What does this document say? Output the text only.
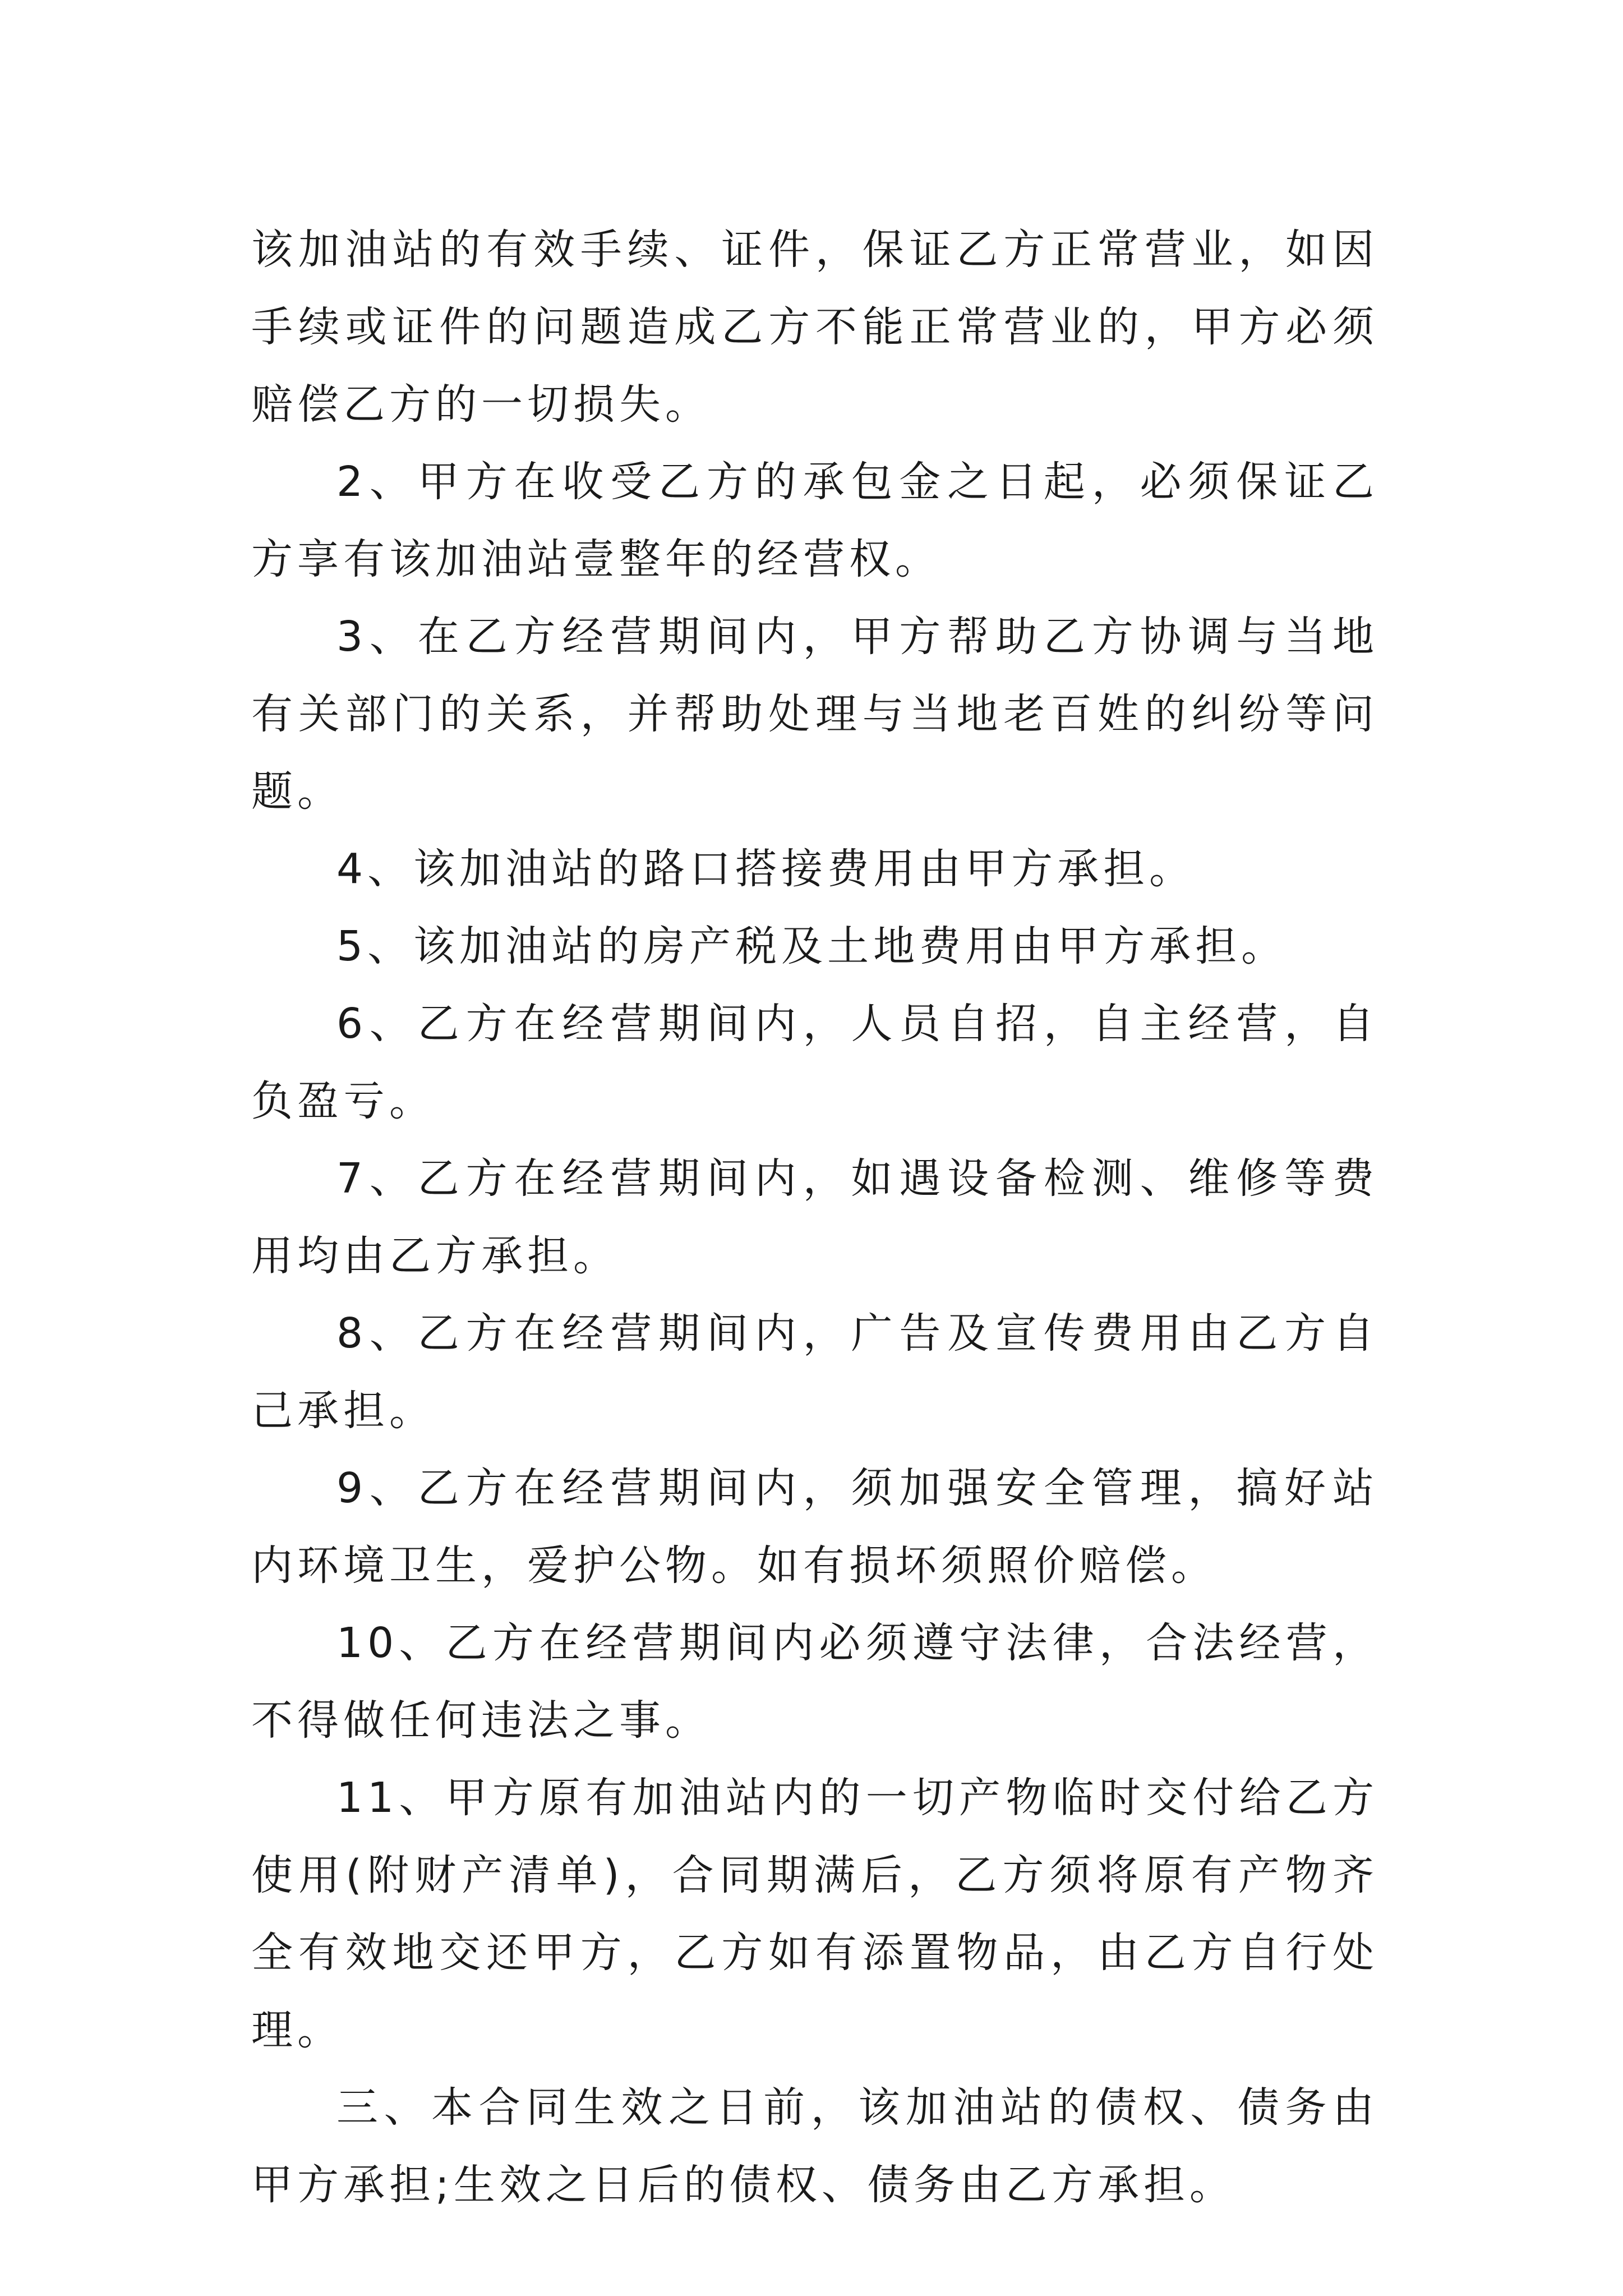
该加油站的有效手续、证件，保证乙方正常营业，如因手续或证件的问题造成乙方不能正常营业的，甲方必须赔偿乙方的一切损失。

2、甲方在收受乙方的承包金之日起，必须保证乙方享有该加油站壹整年的经营权。

3、在乙方经营期间内，甲方帮助乙方协调与当地有关部门的关系，并帮助处理与当地老百姓的纠纷等问题。

4、该加油站的路口搭接费用由甲方承担。

5、该加油站的房产税及土地费用由甲方承担。

6、乙方在经营期间内，人员自招，自主经营，自负盈亏。

7、乙方在经营期间内，如遇设备检测、维修等费用均由乙方承担。

8、乙方在经营期间内，广告及宣传费用由乙方自己承担。

9、乙方在经营期间内，须加强安全管理，搞好站内环境卫生，爱护公物。如有损坏须照价赔偿。

10、乙方在经营期间内必须遵守法律，合法经营，不得做任何违法之事。

11、甲方原有加油站内的一切产物临时交付给乙方使用(附财产清单)，合同期满后，乙方须将原有产物齐全有效地交还甲方，乙方如有添置物品，由乙方自行处理。

三、本合同生效之日前，该加油站的债权、债务由甲方承担;生效之日后的债权、债务由乙方承担。
